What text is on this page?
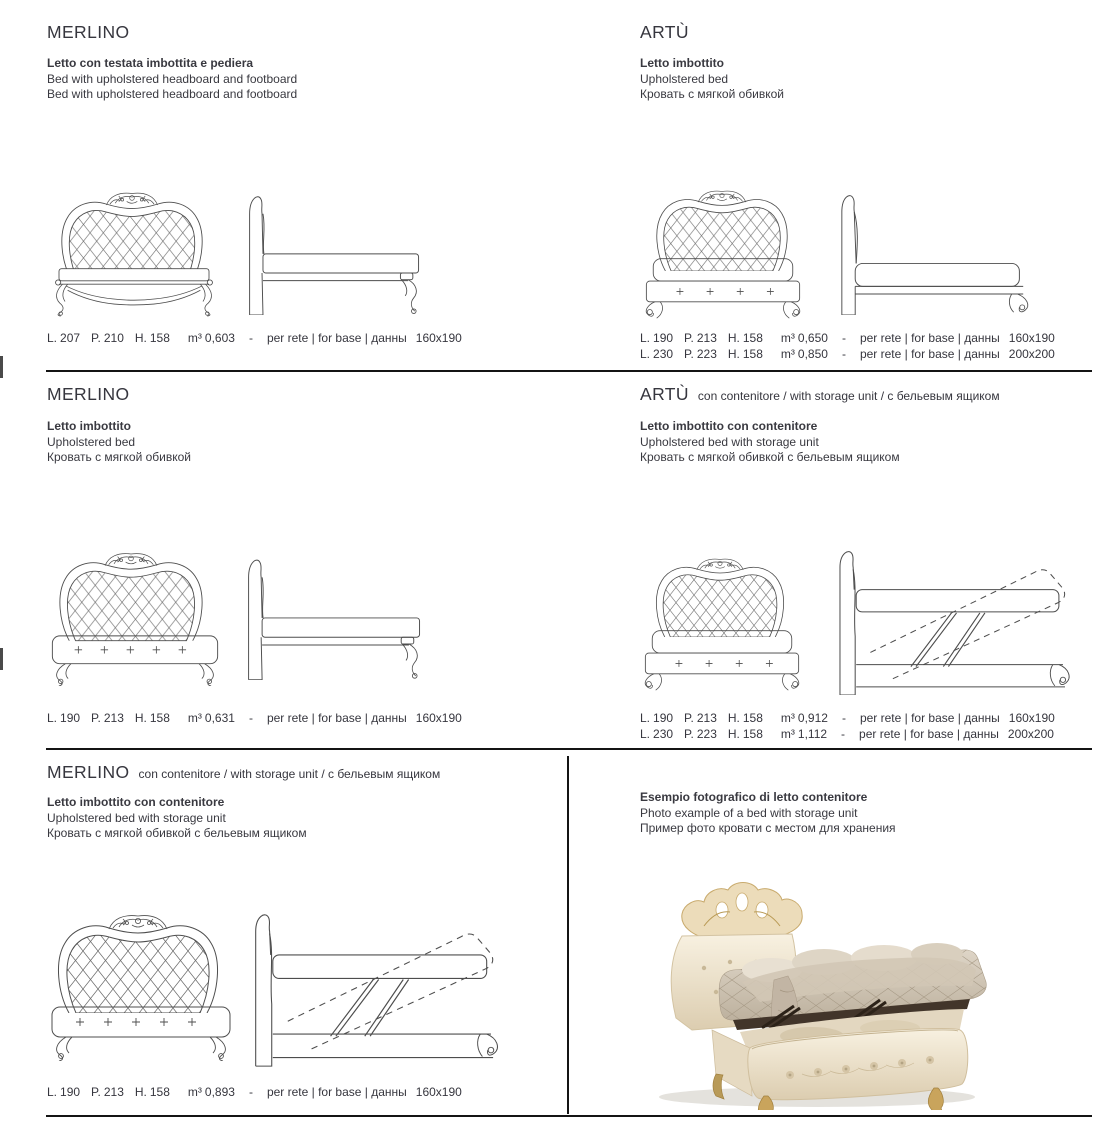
MERLINO
Letto con testata imbottita e pediera
Bed with upholstered headboard and footboard
Bed with upholstered headboard and footboard
L. 207 P. 210 H. 158 m³ 0,603 - per rete | for base | данны 160x190
ARTÙ
Letto imbottito
Upholstered bed
Кровать с мягкой обивкой
L. 190 P. 213 H. 158 m³ 0,650 - per rete | for base | данны 160x190
L. 230 P. 223 H. 158 m³ 0,850 - per rete | for base | данны 200x200
MERLINO
Letto imbottito
Upholstered bed
Кровать с мягкой обивкой
L. 190 P. 213 H. 158 m³ 0,631 - per rete | for base | данны 160x190
ARTÙ con contenitore / with storage unit / с бельевым ящиком
Letto imbottito con contenitore
Upholstered bed with storage unit
Кровать с мягкой обивкой с бельевым ящиком
L. 190 P. 213 H. 158 m³ 0,912 - per rete | for base | данны 160x190
L. 230 P. 223 H. 158 m³ 1,112 - per rete | for base | данны 200x200
MERLINO con contenitore / with storage unit / с бельевым ящиком
Letto imbottito con contenitore
Upholstered bed with storage unit
Кровать с мягкой обивкой с бельевым ящиком
L. 190 P. 213 H. 158 m³ 0,893 - per rete | for base | данны 160x190
Esempio fotografico di letto contenitore
Photo example of a bed with storage unit
Пример фото кровати с местом для хранения
